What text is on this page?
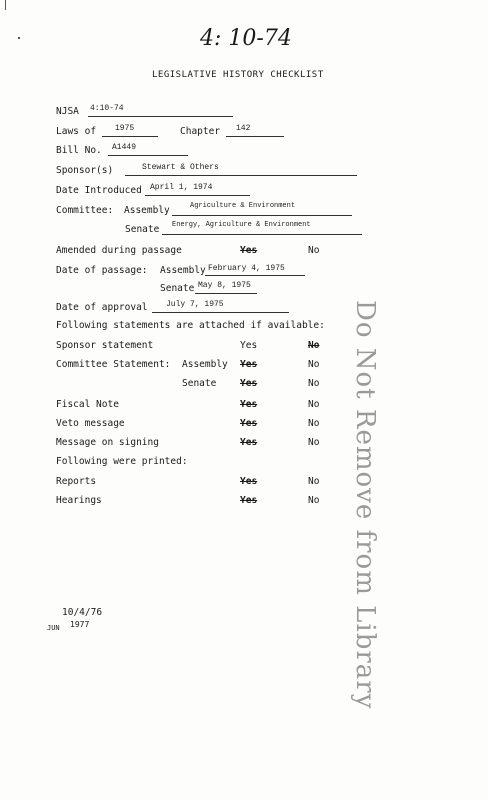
4: 10-74
LEGISLATIVE HISTORY CHECKLIST
NJSA 4:10-74
Laws of 1975	Chapter 142
Bill No. A1449
Sponsor(s)	Stewart & Others
Date Introduced April 1, 1974
Committee: Assembly	Agriculture & Environment
Senate Energy, Agriculture & Environment
Amended during passage	Yes	No
Date of passage: Assembly February 4, 1975
Senate May 8, 1975
Date of approval July 7, 1975
Following statements are attached if available:
Sponsor statement	Yes	No
Committee Statement: Assembly Yes	No
Senate Yes	No
Fiscal Note	Yes	No
Veto message	Yes	No
Message on signing	Yes	No
Following were printed:
Reports	Yes	No
Hearings	Yes	No Do Not Remove from Library
10/4/76
JUN 1977
